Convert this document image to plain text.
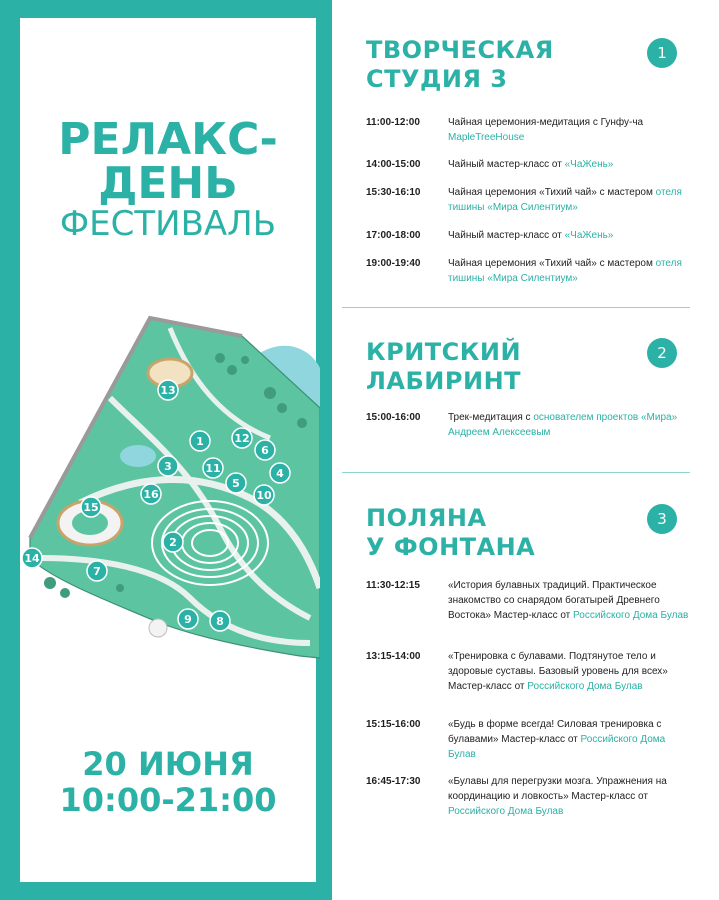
РЕЛАКС-
ДЕНЬ
ФЕСТИВАЛЬ
13
1	12
6
3	11	4
5
16	10
15
2
14
7
9 8
20 ИЮНЯ
10:00-21:00
ТВОРЧЕСКАЯ
СТУДИЯ 3
1
11:00-12:00	Чайная церемония-медитация с Гунфу-ча
MapleTreeHouse
14:00-15:00	Чайный мастер-класс от «ЧаЖень»
15:30-16:10	Чайная церемония «Тихий чай» с мастером отеля тишины «Мира Силентиум»
17:00-18:00	Чайный мастер-класс от «ЧаЖень»
19:00-19:40	Чайная церемония «Тихий чай» с мастером отеля тишины «Мира Силентиум»
КРИТСКИЙ
ЛАБИРИНТ
2
15:00-16:00	Трек-медитация с основателем проектов «Мира» Андреем Алексеевым
ПОЛЯНА
У ФОНТАНА
3
11:30-12:15	«История булавных традиций. Практическое знакомство со снарядом богатырей Древнего Востока» Мастер-класс от Российского Дома Булав
13:15-14:00	«Тренировка с булавами. Подтянутое тело и здоровые суставы. Базовый уровень для всех» Мастер-класс от Российского Дома Булав
15:15-16:00	«Будь в форме всегда! Силовая тренировка с булавами» Мастер-класс от Российского Дома Булав
16:45-17:30	«Булавы для перегрузки мозга. Упражнения на координацию и ловкость» Мастер-класс от Российского Дома Булав
